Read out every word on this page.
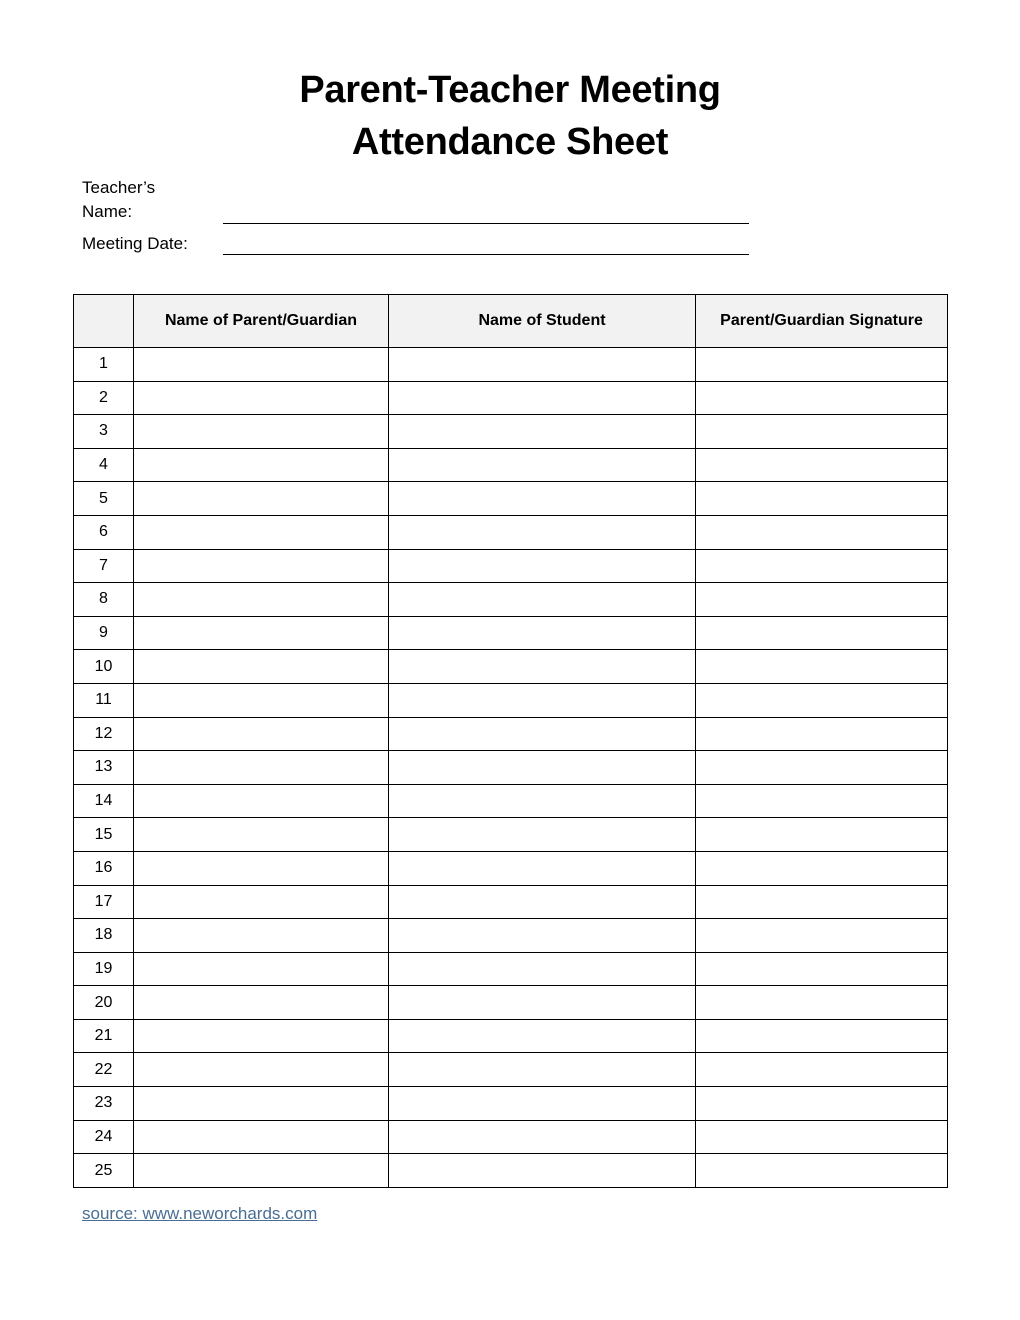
Parent-Teacher Meeting
Attendance Sheet
Teacher’s
Name:
Meeting Date:
	Name of Parent/Guardian	Name of Student	Parent/Guardian Signature
1			
2			
3			
4			
5			
6			
7			
8			
9			
10			
11			
12			
13			
14			
15			
16			
17			
18			
19			
20			
21			
22			
23			
24			
25			
source: www.neworchards.com
